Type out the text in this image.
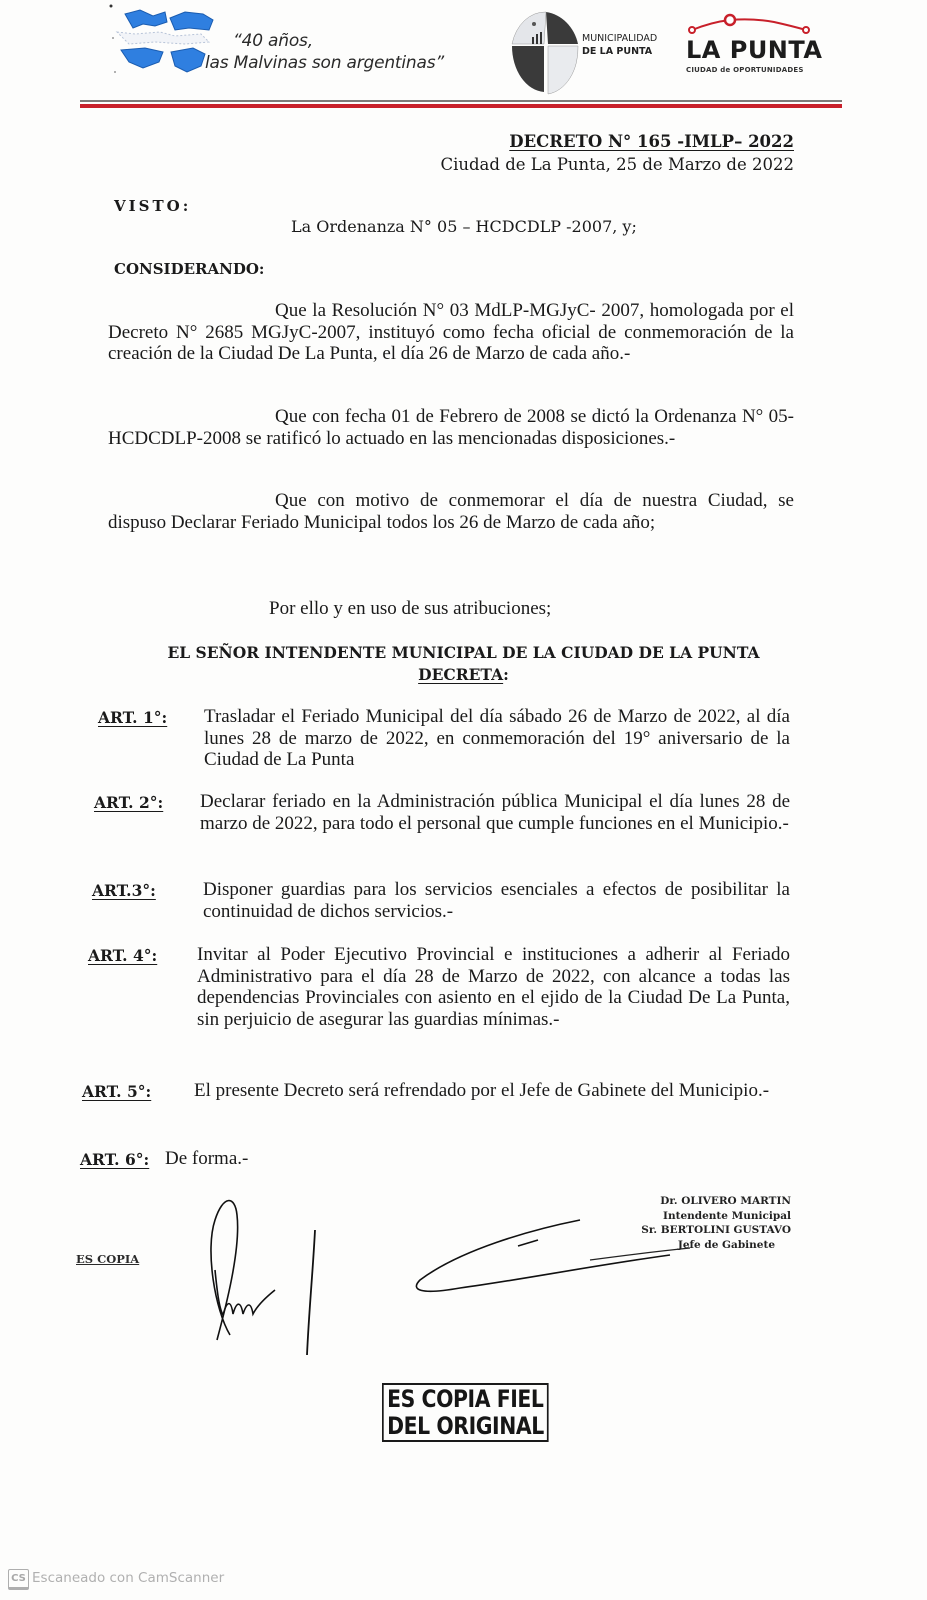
“40 años,
las Malvinas son argentinas”
MUNICIPALIDAD
DE LA PUNTA LA PUNTA
CIUDAD de OPORTUNIDADES
DECRETO N° 165 -IMLP– 2022
Ciudad de La Punta, 25 de Marzo de 2022
VISTO:
La Ordenanza N° 05 – HCDCDLP -2007, y;
CONSIDERANDO:
Que la Resolución N° 03 MdLP-MGJyC- 2007, homologada por el Decreto N° 2685 MGJyC-2007, instituyó como fecha oficial de conmemoración de la creación de la Ciudad De La Punta, el día 26 de Marzo de cada año.-
Que con fecha 01 de Febrero de 2008 se dictó la Ordenanza N° 05-HCDCDLP-2008 se ratificó lo actuado en las mencionadas disposiciones.-
Que con motivo de conmemorar el día de nuestra Ciudad, se dispuso Declarar Feriado Municipal todos los 26 de Marzo de cada año;
Por ello y en uso de sus atribuciones;
EL SEÑOR INTENDENTE MUNICIPAL DE LA CIUDAD DE LA PUNTA
DECRETA:
ART. 1°: Trasladar el Feriado Municipal del día sábado 26 de Marzo de 2022, al día lunes 28 de marzo de 2022, en conmemoración del 19° aniversario de la Ciudad de La Punta
ART. 2°: Declarar feriado en la Administración pública Municipal el día lunes 28 de marzo de 2022, para todo el personal que cumple funciones en el Municipio.-
ART.3°: Disponer guardias para los servicios esenciales a efectos de posibilitar la continuidad de dichos servicios.-
ART. 4°: Invitar al Poder Ejecutivo Provincial e instituciones a adherir al Feriado Administrativo para el día 28 de Marzo de 2022, con alcance a todas las dependencias Provinciales con asiento en el ejido de la Ciudad De La Punta, sin perjuicio de asegurar las guardias mínimas.-
ART. 5°: El presente Decreto será refrendado por el Jefe de Gabinete del Municipio.-
ART. 6°: De forma.-
ES COPIA
Dr. OLIVERO MARTIN
Intendente Municipal
Sr. BERTOLINI GUSTAVO
Jefe de Gabinete
ES COPIA FIEL
DEL ORIGINAL
CS Escaneado con CamScanner
